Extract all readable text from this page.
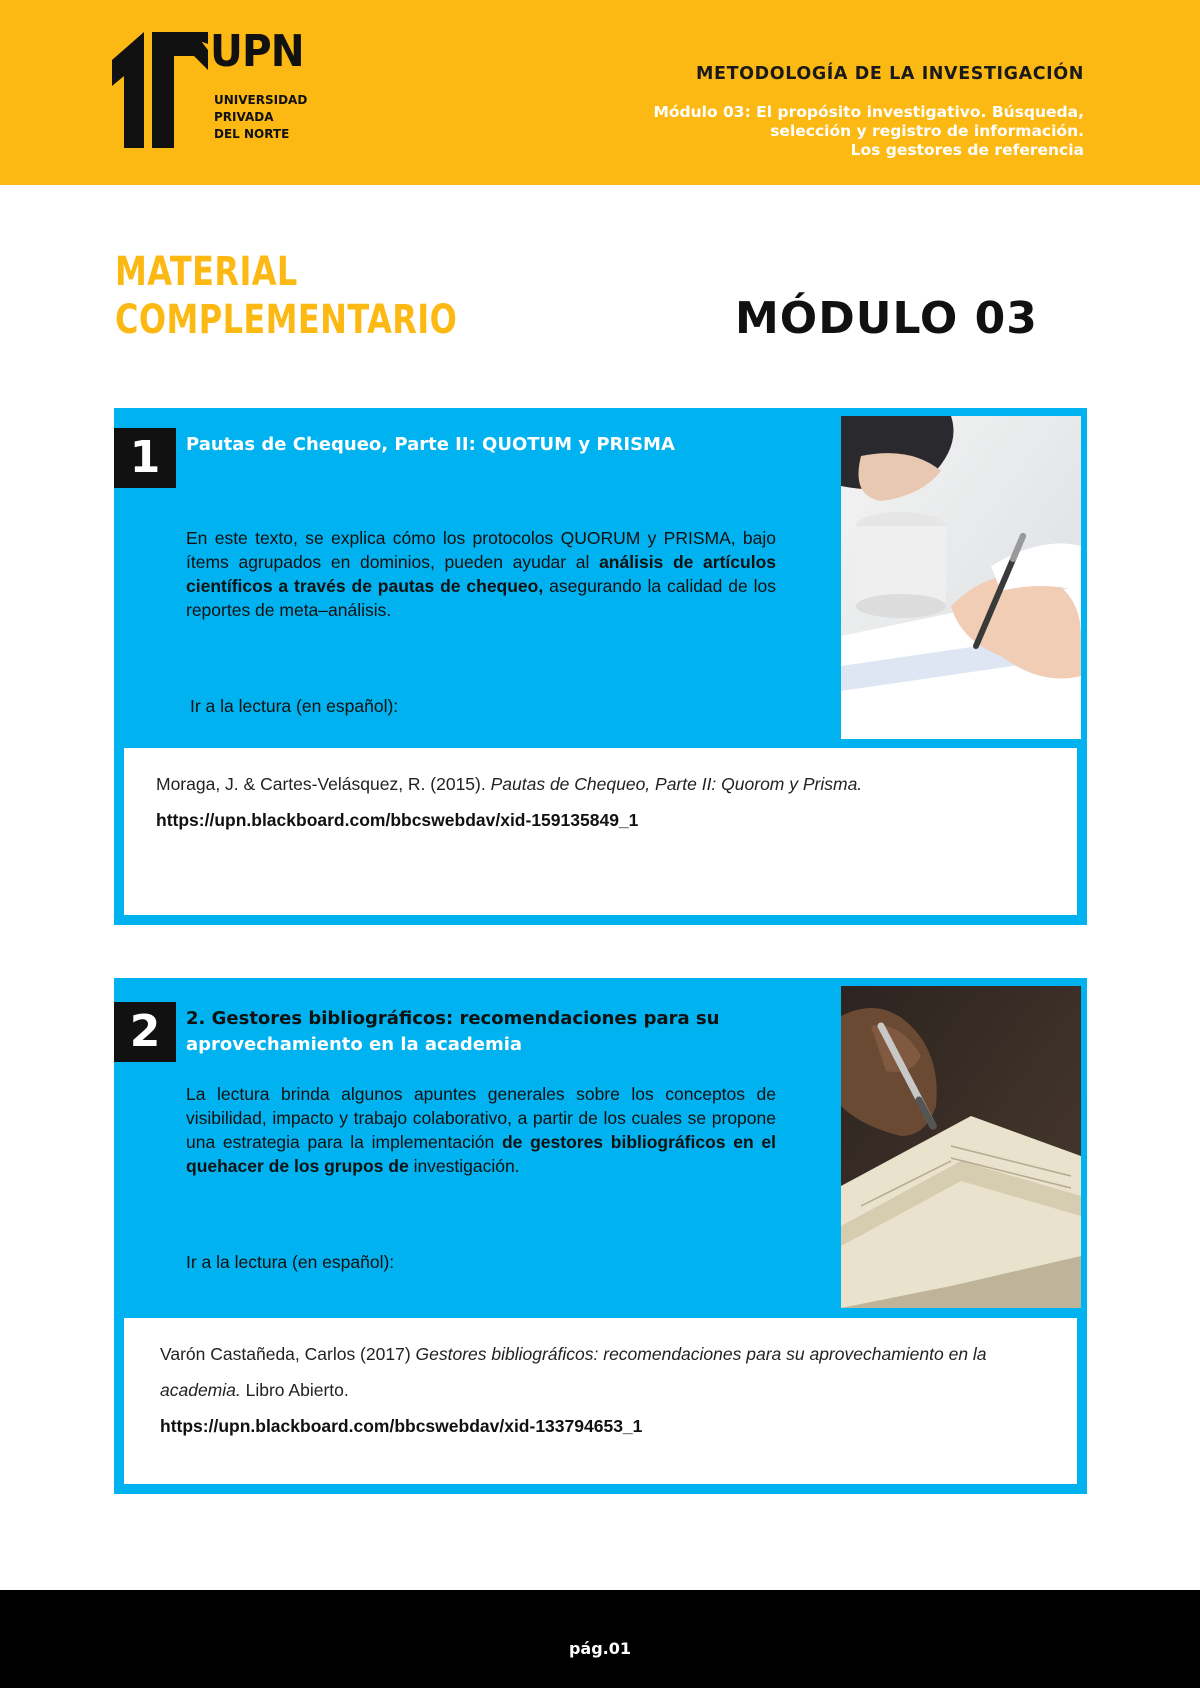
UPN
UNIVERSIDAD
PRIVADA
DEL NORTE
METODOLOGÍA DE LA INVESTIGACIÓN
Módulo 03: El propósito investigativo. Búsqueda,
selección y registro de información.
Los gestores de referencia
MATERIAL
COMPLEMENTARIO	MÓDULO 03
1	Pautas de Chequeo, Parte II: QUOTUM y PRISMA
En este texto, se explica cómo los protocolos QUORUM y PRISMA, bajo ítems agrupados en dominios, pueden ayudar al análisis de artículos científicos a través de pautas de chequeo, asegurando la calidad de los reportes de meta–análisis.
Ir a la lectura (en español):
Moraga, J. & Cartes-Velásquez, R. (2015). Pautas de Chequeo, Parte II: Quorom y Prisma.
https://upn.blackboard.com/bbcswebdav/xid-159135849_1
2	2. Gestores bibliográficos: recomendaciones para su
aprovechamiento en la academia
La lectura brinda algunos apuntes generales sobre los conceptos de visibilidad, impacto y trabajo colaborativo, a partir de los cuales se propone una estrategia para la implementación de gestores bibliográficos en el quehacer de los grupos de investigación.
Ir a la lectura (en español):
Varón Castañeda, Carlos (2017) Gestores bibliográficos: recomendaciones para su aprovechamiento en la academia. Libro Abierto.
https://upn.blackboard.com/bbcswebdav/xid-133794653_1
pág.01
